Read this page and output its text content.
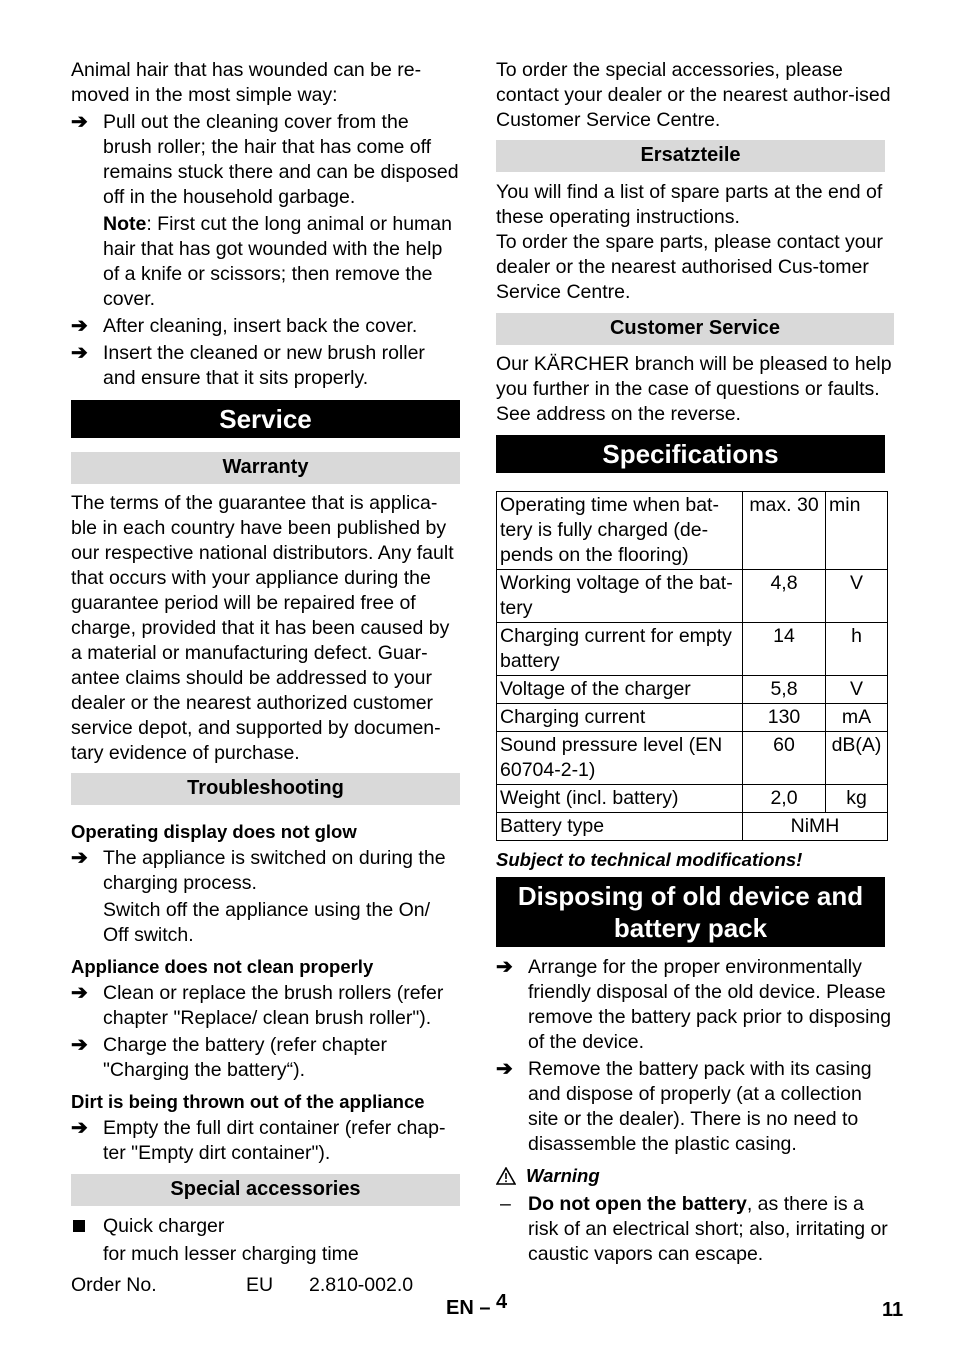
Animal hair that has wounded can be re-moved in the most simple way:

➔ Pull out the cleaning cover from the brush roller; the hair that has come off remains stuck there and can be disposed off in the household garbage.
Note: First cut the long animal or human hair that has got wounded with the help of a knife or scissors; then remove the cover.
➔ After cleaning, insert back the cover.
➔ Insert the cleaned or new brush roller and ensure that it sits properly.
Service
Warranty

The terms of the guarantee that is applica-ble in each country have been published by our respective national distributors. Any fault that occurs with your appliance during the guarantee period will be repaired free of charge, provided that it has been caused by a material or manufacturing defect. Guar-antee claims should be addressed to your dealer or the nearest authorized customer service depot, and supported by documen-tary evidence of purchase.

Troubleshooting
Operating display does not glow
➔ The appliance is switched on during the charging process.
Switch off the appliance using the On/ Off switch.
Appliance does not clean properly
➔ Clean or replace the brush rollers (refer chapter "Replace/ clean brush roller").
➔ Charge the battery (refer chapter "Charging the battery“).
Dirt is being thrown out of the appliance
➔ Empty the full dirt container (refer chap-ter "Empty dirt container").
Special accessories
Quick charger
for much lesser charging time
Order No.	EU	2.810-002.0

To order the special accessories, please contact your dealer or the nearest author-ised Customer Service Centre.

Ersatzteile

You will find a list of spare parts at the end of these operating instructions.

To order the spare parts, please contact your dealer or the nearest authorised Cus-tomer Service Centre.

Customer Service

Our KÄRCHER branch will be pleased to help you further in the case of questions or faults. See address on the reverse.

Specifications
Operating time when bat-tery is fully charged (de-pends on the flooring)	max. 30	min
Working voltage of the bat-tery	4,8	V
Charging current for empty battery	14	h
Voltage of the charger	5,8	V
Charging current	130	mA
Sound pressure level (EN 60704-2-1)	60	dB(A)
Weight (incl. battery)	2,0	kg
Battery type	NiMH	
Subject to technical modifications!
Disposing of old device and battery pack
➔ Arrange for the proper environmentally friendly disposal of the old device. Please remove the battery pack prior to disposing of the device.
➔ Remove the battery pack with its casing and dispose of properly (at a collection site or the dealer). There is no need to disassemble the plastic casing.
Warning
– Do not open the battery, as there is a risk of an electrical short; also, irritating or caustic vapors can escape.
EN – 4	11
